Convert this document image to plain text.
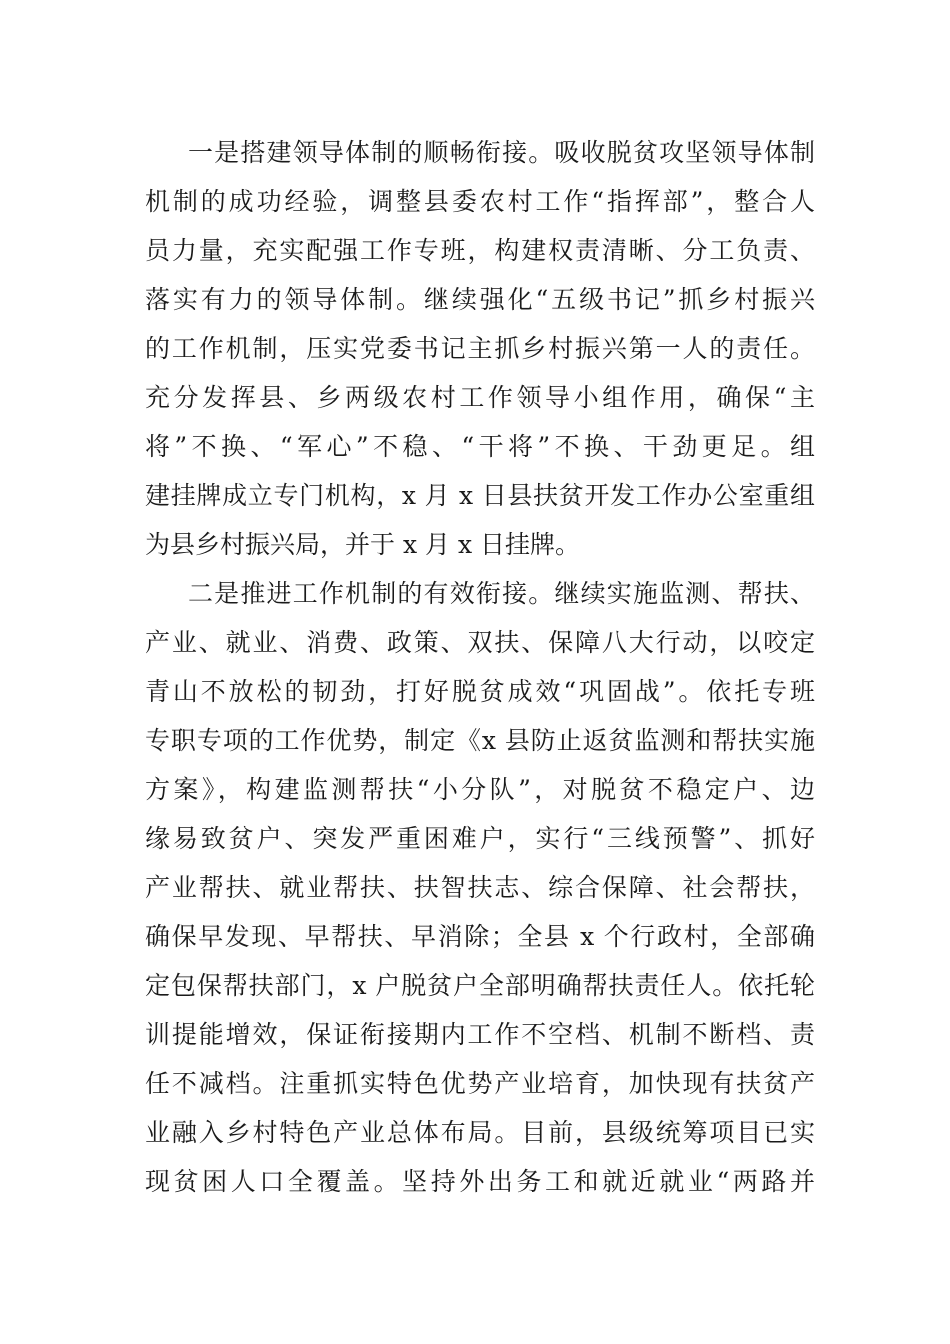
一是搭建领导体制的顺畅衔接。吸收脱贫攻坚领导体制
机制的成功经验，调整县委农村工作“指挥部”，整合人
员力量，充实配强工作专班，构建权责清晰、分工负责、
落实有力的领导体制。继续强化“五级书记”抓乡村振兴
的工作机制，压实党委书记主抓乡村振兴第一人的责任。
充分发挥县、乡两级农村工作领导小组作用，确保“主
将”不换、“军心”不稳、“干将”不换、干劲更足。组
建挂牌成立专门机构，x 月 x 日县扶贫开发工作办公室重组
为县乡村振兴局，并于 x 月 x 日挂牌。
二是推进工作机制的有效衔接。继续实施监测、帮扶、
产业、就业、消费、政策、双扶、保障八大行动，以咬定
青山不放松的韧劲，打好脱贫成效“巩固战”。依托专班
专职专项的工作优势，制定《x 县防止返贫监测和帮扶实施
方案》，构建监测帮扶“小分队”，对脱贫不稳定户、边
缘易致贫户、突发严重困难户，实行“三线预警”、抓好
产业帮扶、就业帮扶、扶智扶志、综合保障、社会帮扶，
确保早发现、早帮扶、早消除；全县 x 个行政村，全部确
定包保帮扶部门，x 户脱贫户全部明确帮扶责任人。依托轮
训提能增效，保证衔接期内工作不空档、机制不断档、责
任不减档。注重抓实特色优势产业培育，加快现有扶贫产
业融入乡村特色产业总体布局。目前，县级统筹项目已实
现贫困人口全覆盖。坚持外出务工和就近就业“两路并
